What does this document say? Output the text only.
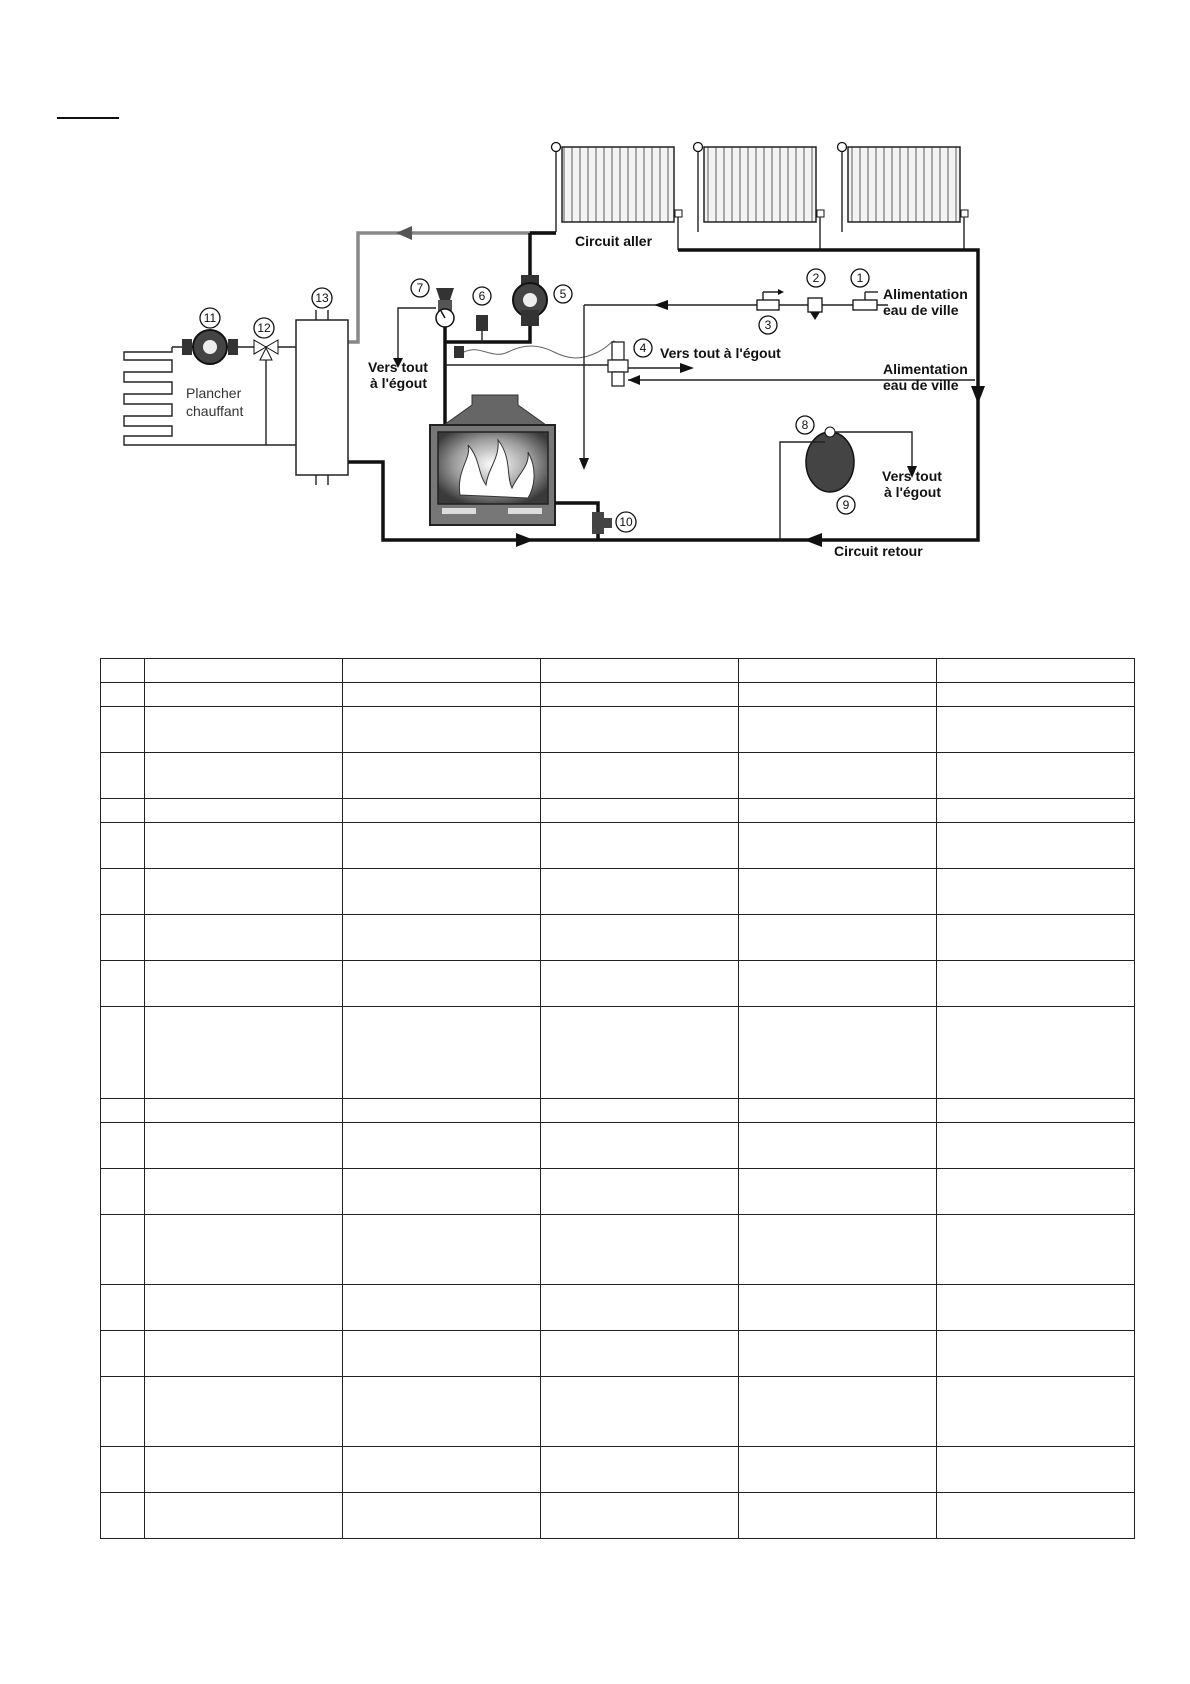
1
2
3
4
5
6
7
8
9
10
11
12
13
Circuit aller
Circuit retour
Alimentation
eau de ville
Alimentation
eau de ville
Vers tout à l'égout
Vers tout
à l'égout
Vers tout
à l'égout
Plancher
chauffant
